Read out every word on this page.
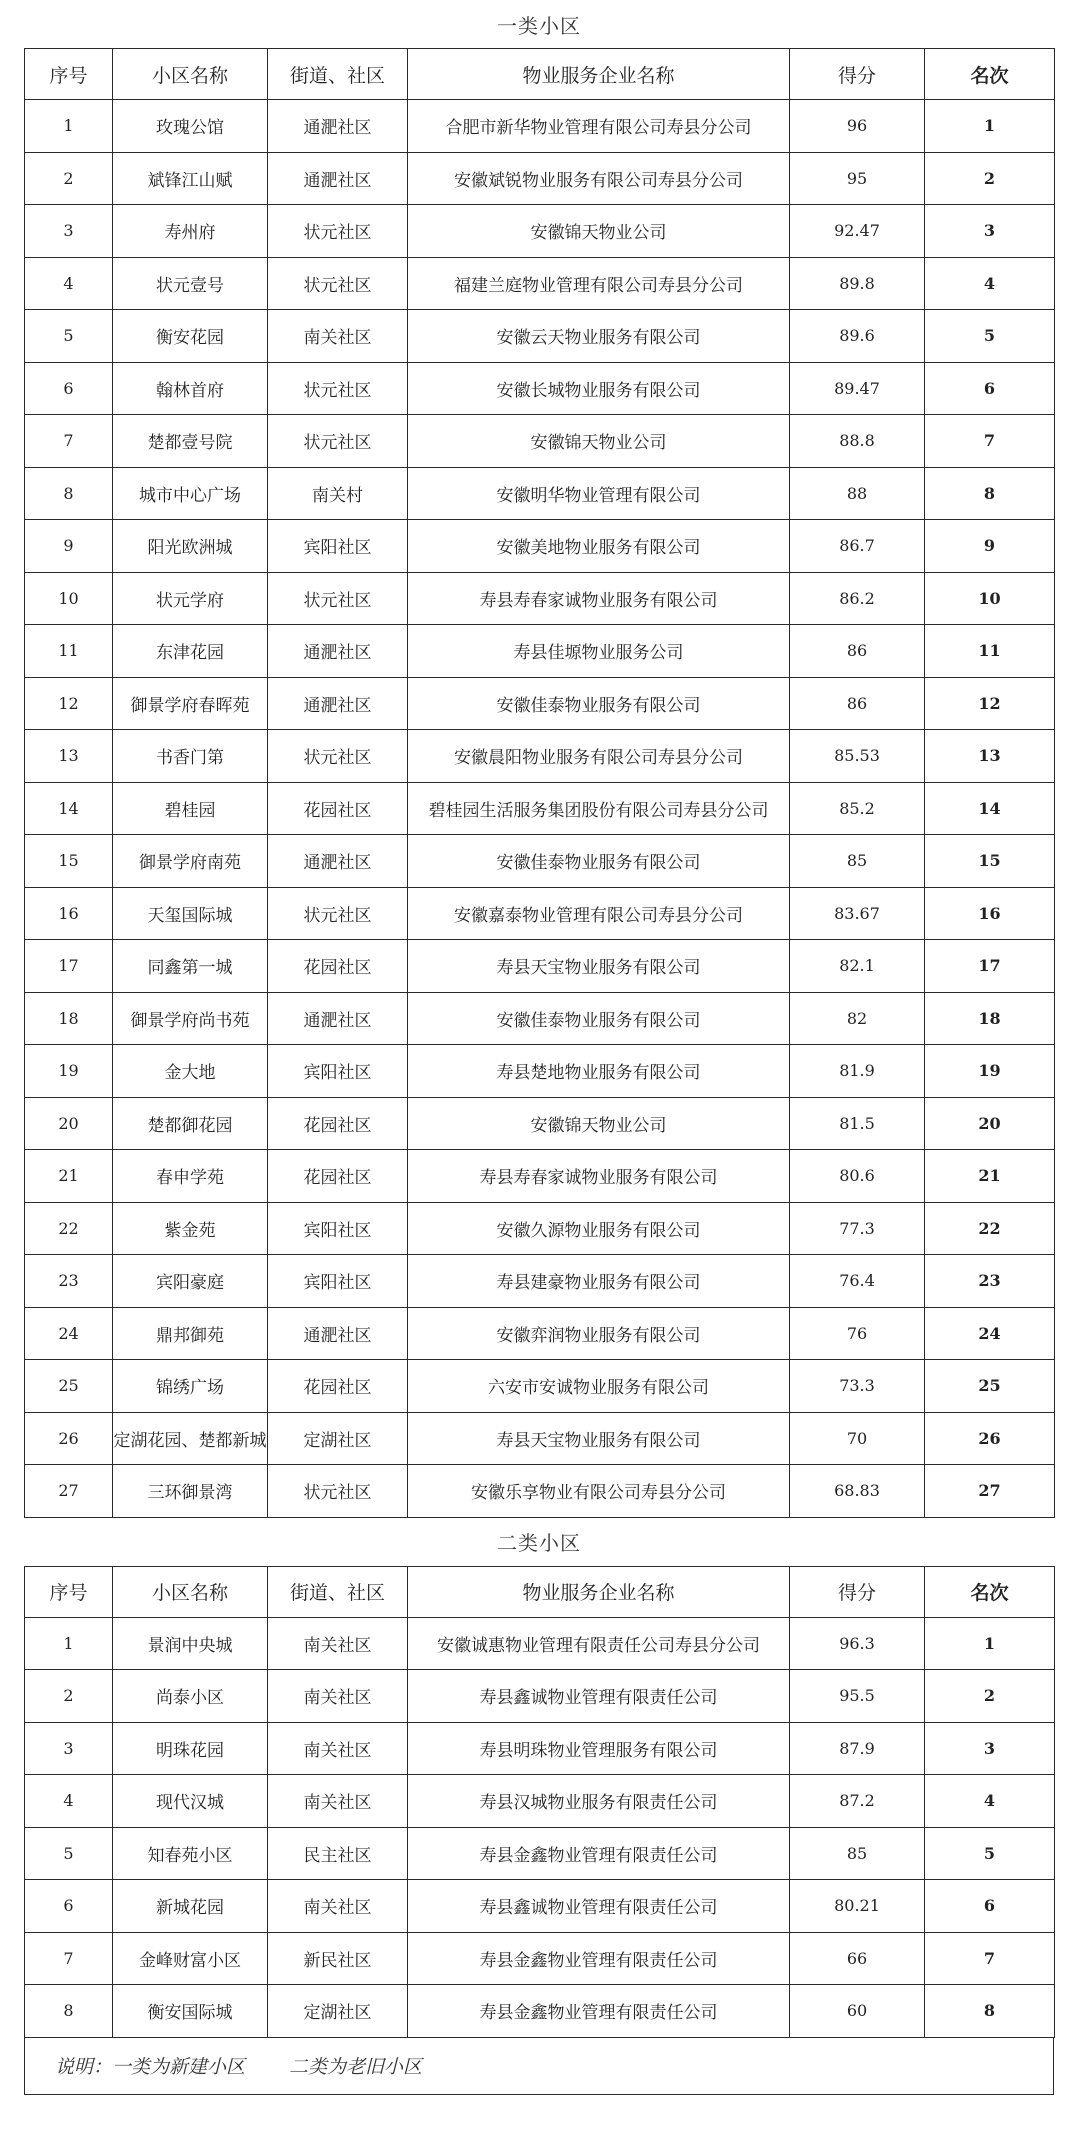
一类小区
序号	小区名称	街道、社区	物业服务企业名称	得分	名次
1	玫瑰公馆	通淝社区	合肥市新华物业管理有限公司寿县分公司	96	1
2	斌锋江山赋	通淝社区	安徽斌锐物业服务有限公司寿县分公司	95	2
3	寿州府	状元社区	安徽锦天物业公司	92.47	3
4	状元壹号	状元社区	福建兰庭物业管理有限公司寿县分公司	89.8	4
5	衡安花园	南关社区	安徽云天物业服务有限公司	89.6	5
6	翰林首府	状元社区	安徽长城物业服务有限公司	89.47	6
7	楚都壹号院	状元社区	安徽锦天物业公司	88.8	7
8	城市中心广场	南关村	安徽明华物业管理有限公司	88	8
9	阳光欧洲城	宾阳社区	安徽美地物业服务有限公司	86.7	9
10	状元学府	状元社区	寿县寿春家诚物业服务有限公司	86.2	10
11	东津花园	通淝社区	寿县佳塬物业服务公司	86	11
12	御景学府春晖苑	通淝社区	安徽佳泰物业服务有限公司	86	12
13	书香门第	状元社区	安徽晨阳物业服务有限公司寿县分公司	85.53	13
14	碧桂园	花园社区	碧桂园生活服务集团股份有限公司寿县分公司	85.2	14
15	御景学府南苑	通淝社区	安徽佳泰物业服务有限公司	85	15
16	天玺国际城	状元社区	安徽嘉泰物业管理有限公司寿县分公司	83.67	16
17	同鑫第一城	花园社区	寿县天宝物业服务有限公司	82.1	17
18	御景学府尚书苑	通淝社区	安徽佳泰物业服务有限公司	82	18
19	金大地	宾阳社区	寿县楚地物业服务有限公司	81.9	19
20	楚都御花园	花园社区	安徽锦天物业公司	81.5	20
21	春申学苑	花园社区	寿县寿春家诚物业服务有限公司	80.6	21
22	紫金苑	宾阳社区	安徽久源物业服务有限公司	77.3	22
23	宾阳豪庭	宾阳社区	寿县建豪物业服务有限公司	76.4	23
24	鼎邦御苑	通淝社区	安徽弈润物业服务有限公司	76	24
25	锦绣广场	花园社区	六安市安诚物业服务有限公司	73.3	25
26	定湖花园、楚都新城	定湖社区	寿县天宝物业服务有限公司	70	26
27	三环御景湾	状元社区	安徽乐享物业有限公司寿县分公司	68.83	27
二类小区
序号	小区名称	街道、社区	物业服务企业名称	得分	名次
1	景润中央城	南关社区	安徽诚惠物业管理有限责任公司寿县分公司	96.3	1
2	尚泰小区	南关社区	寿县鑫诚物业管理有限责任公司	95.5	2
3	明珠花园	南关社区	寿县明珠物业管理服务有限公司	87.9	3
4	现代汉城	南关社区	寿县汉城物业服务有限责任公司	87.2	4
5	知春苑小区	民主社区	寿县金鑫物业管理有限责任公司	85	5
6	新城花园	南关社区	寿县鑫诚物业管理有限责任公司	80.21	6
7	金峰财富小区	新民社区	寿县金鑫物业管理有限责任公司	66	7
8	衡安国际城	定湖社区	寿县金鑫物业管理有限责任公司	60	8
说明：一类为新建小区 二类为老旧小区
